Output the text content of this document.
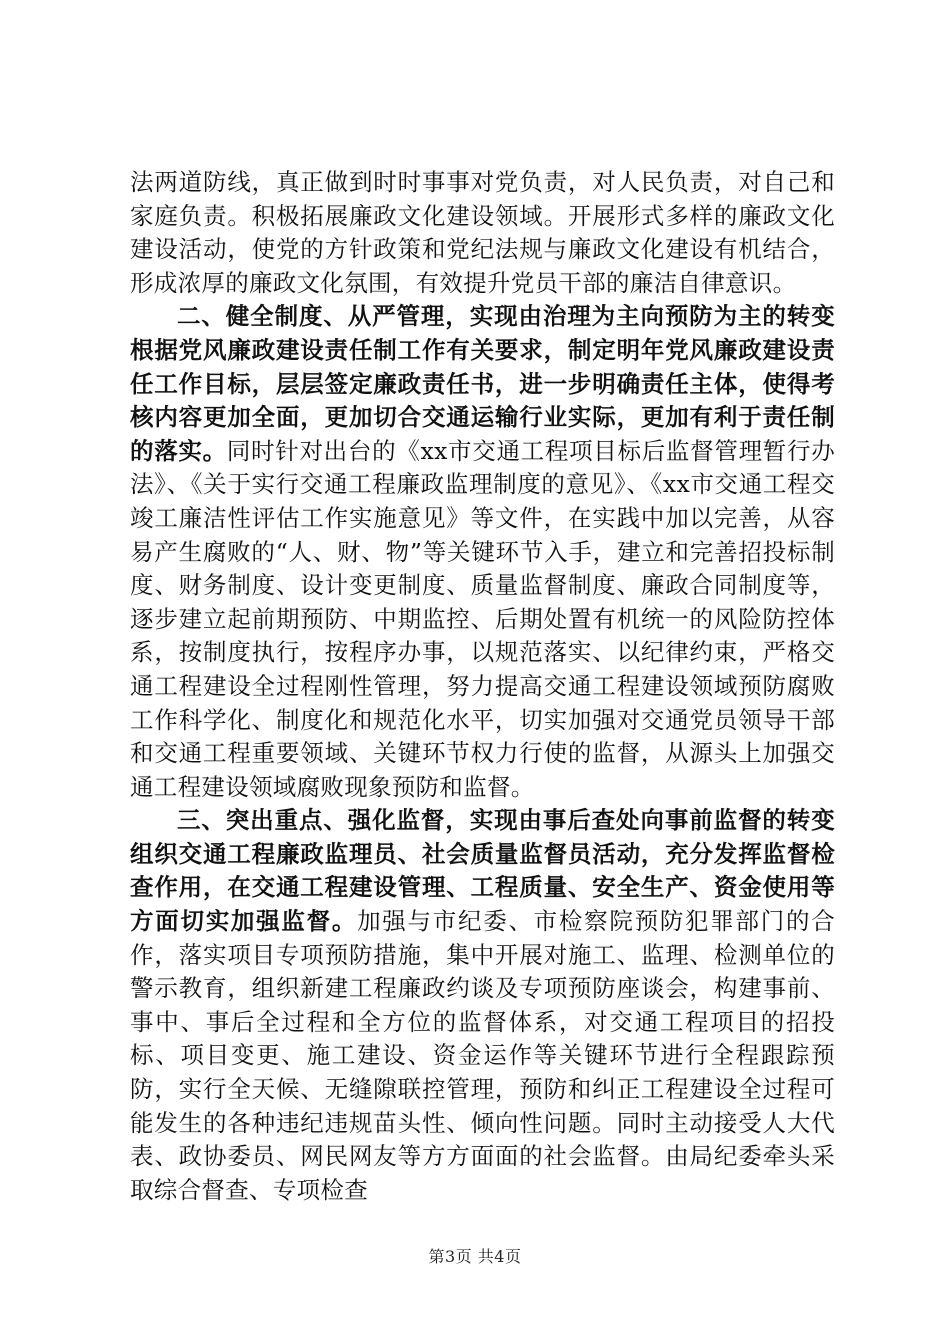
法两道防线，真正做到时时事事对党负责，对人民负责，对自己和家庭负责。积极拓展廉政文化建设领域。开展形式多样的廉政文化建设活动，使党的方针政策和党纪法规与廉政文化建设有机结合，形成浓厚的廉政文化氛围，有效提升党员干部的廉洁自律意识。

二、健全制度、从严管理，实现由治理为主向预防为主的转变根据党风廉政建设责任制工作有关要求，制定明年党风廉政建设责任工作目标，层层签定廉政责任书，进一步明确责任主体，使得考核内容更加全面，更加切合交通运输行业实际，更加有利于责任制的落实。同时针对出台的《xx市交通工程项目标后监督管理暂行办法》、《关于实行交通工程廉政监理制度的意见》、《xx市交通工程交竣工廉洁性评估工作实施意见》等文件，在实践中加以完善，从容易产生腐败的“人、财、物”等关键环节入手，建立和完善招投标制度、财务制度、设计变更制度、质量监督制度、廉政合同制度等，逐步建立起前期预防、中期监控、后期处置有机统一的风险防控体系，按制度执行，按程序办事，以规范落实、以纪律约束，严格交通工程建设全过程刚性管理，努力提高交通工程建设领域预防腐败工作科学化、制度化和规范化水平，切实加强对交通党员领导干部和交通工程重要领域、关键环节权力行使的监督，从源头上加强交通工程建设领域腐败现象预防和监督。

三、突出重点、强化监督，实现由事后查处向事前监督的转变组织交通工程廉政监理员、社会质量监督员活动，充分发挥监督检查作用，在交通工程建设管理、工程质量、安全生产、资金使用等方面切实加强监督。加强与市纪委、市检察院预防犯罪部门的合作，落实项目专项预防措施，集中开展对施工、监理、检测单位的警示教育，组织新建工程廉政约谈及专项预防座谈会，构建事前、事中、事后全过程和全方位的监督体系，对交通工程项目的招投标、项目变更、施工建设、资金运作等关键环节进行全程跟踪预防，实行全天候、无缝隙联控管理，预防和纠正工程建设全过程可能发生的各种违纪违规苗头性、倾向性问题。同时主动接受人大代表、政协委员、网民网友等方方面面的社会监督。由局纪委牵头采取综合督查、专项检查

第3页 共4页
